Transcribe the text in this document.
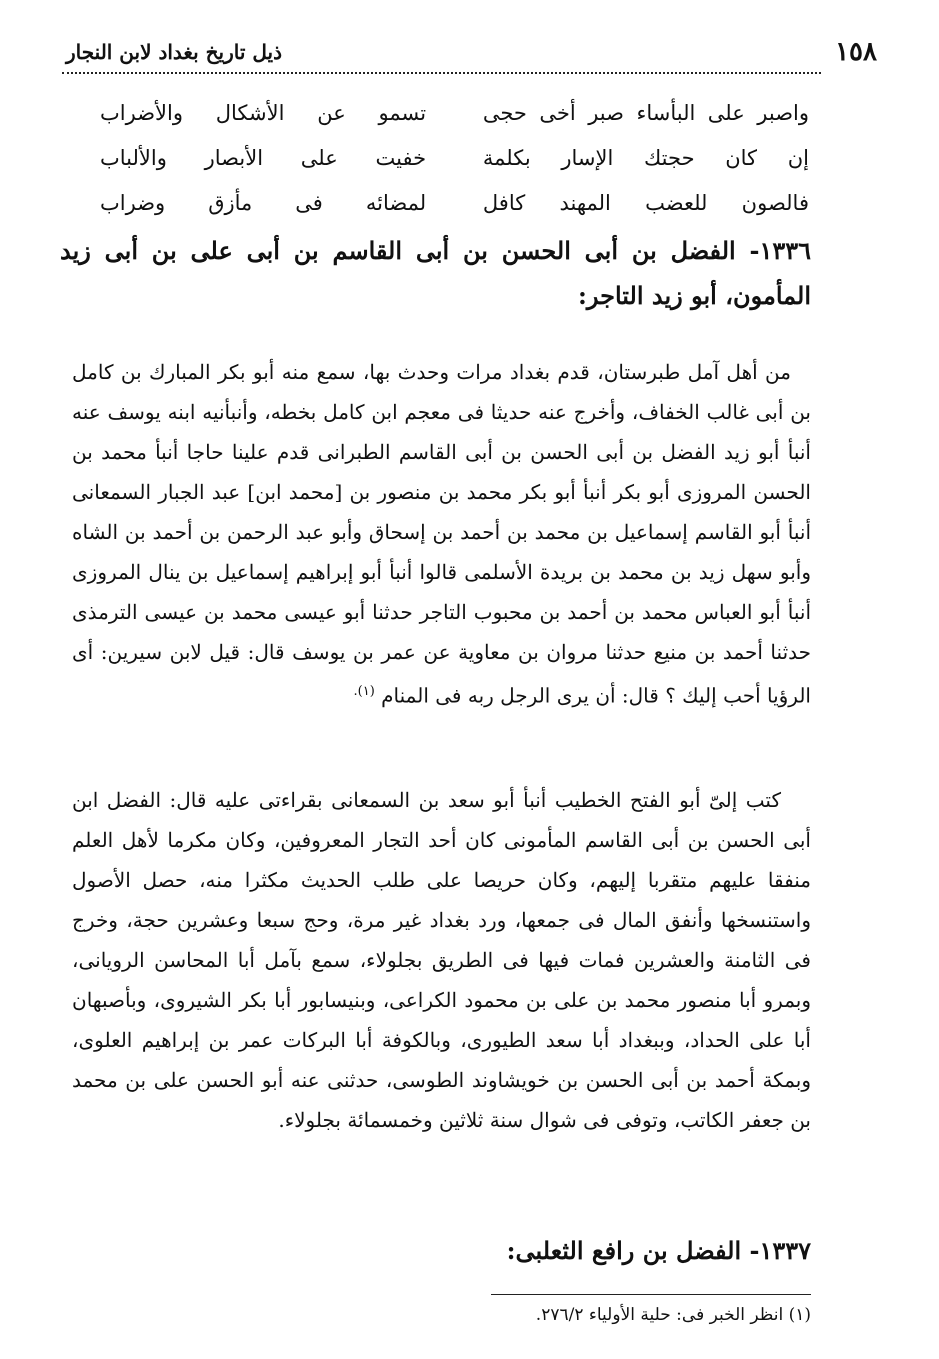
١٥٨
ذيل تاريخ بغداد لابن النجار
واصبر على البأساء صبر أخى حجى
تسمو عن الأشكال والأضراب
إن كان حجتك الإسار بكلمة
خفيت على الأبصار والألباب
فالصون للعضب المهند كافل
لمضائه فى مأزق وضراب
١٣٣٦- الفضل بن أبى الحسن بن أبى القاسم بن أبى على بن أبى زيد المأمون، أبو زيد التاجر:

من أهل آمل طبرستان، قدم بغداد مرات وحدث بها، سمع منه أبو بكر المبارك بن كامل بن أبى غالب الخفاف، وأخرج عنه حديثا فى معجم ابن كامل بخطه، وأنبأنيه ابنه يوسف عنه أنبأ أبو زيد الفضل بن أبى الحسن بن أبى القاسم الطبرانى قدم علينا حاجا أنبأ محمد بن الحسن المروزى أبو بكر أنبأ أبو بكر محمد بن منصور بن [محمد ابن] عبد الجبار السمعانى أنبأ أبو القاسم إسماعيل بن محمد بن أحمد بن إسحاق وأبو عبد الرحمن بن أحمد بن الشاه وأبو سهل زيد بن محمد بن بريدة الأسلمى قالوا أنبأ أبو إبراهيم إسماعيل بن ينال المروزى أنبأ أبو العباس محمد بن أحمد بن محبوب التاجر حدثنا أبو عيسى محمد بن عيسى الترمذى حدثنا أحمد بن منيع حدثنا مروان بن معاوية عن عمر بن يوسف قال: قيل لابن سيرين: أى الرؤيا أحب إليك ؟ قال: أن يرى الرجل ربه فى المنام $^{(١).}$

كتب إلىّ أبو الفتح الخطيب أنبأ أبو سعد بن السمعانى بقراءتى عليه قال: الفضل ابن أبى الحسن بن أبى القاسم المأمونى كان أحد التجار المعروفين، وكان مكرما لأهل العلم منفقا عليهم متقربا إليهم، وكان حريصا على طلب الحديث مكثرا منه، حصل الأصول واستنسخها وأنفق المال فى جمعها، ورد بغداد غير مرة، وحج سبعا وعشرين حجة، وخرج فى الثامنة والعشرين فمات فيها فى الطريق بجلولاء، سمع بآمل أبا المحاسن الرويانى، وبمرو أبا منصور محمد بن على بن محمود الكراعى، وبنيسابور أبا بكر الشيروى، وبأصبهان أبا على الحداد، وببغداد أبا سعد الطيورى، وبالكوفة أبا البركات عمر بن إبراهيم العلوى، وبمكة أحمد بن أبى الحسن بن خويشاوند الطوسى، حدثنى عنه أبو الحسن على بن محمد بن جعفر الكاتب، وتوفى فى شوال سنة ثلاثين وخمسمائة بجلولاء.

١٣٣٧- الفضل بن رافع الثعلبى:
(١) انظر الخبر فى: حلية الأولياء ٢٧٦/٢.
